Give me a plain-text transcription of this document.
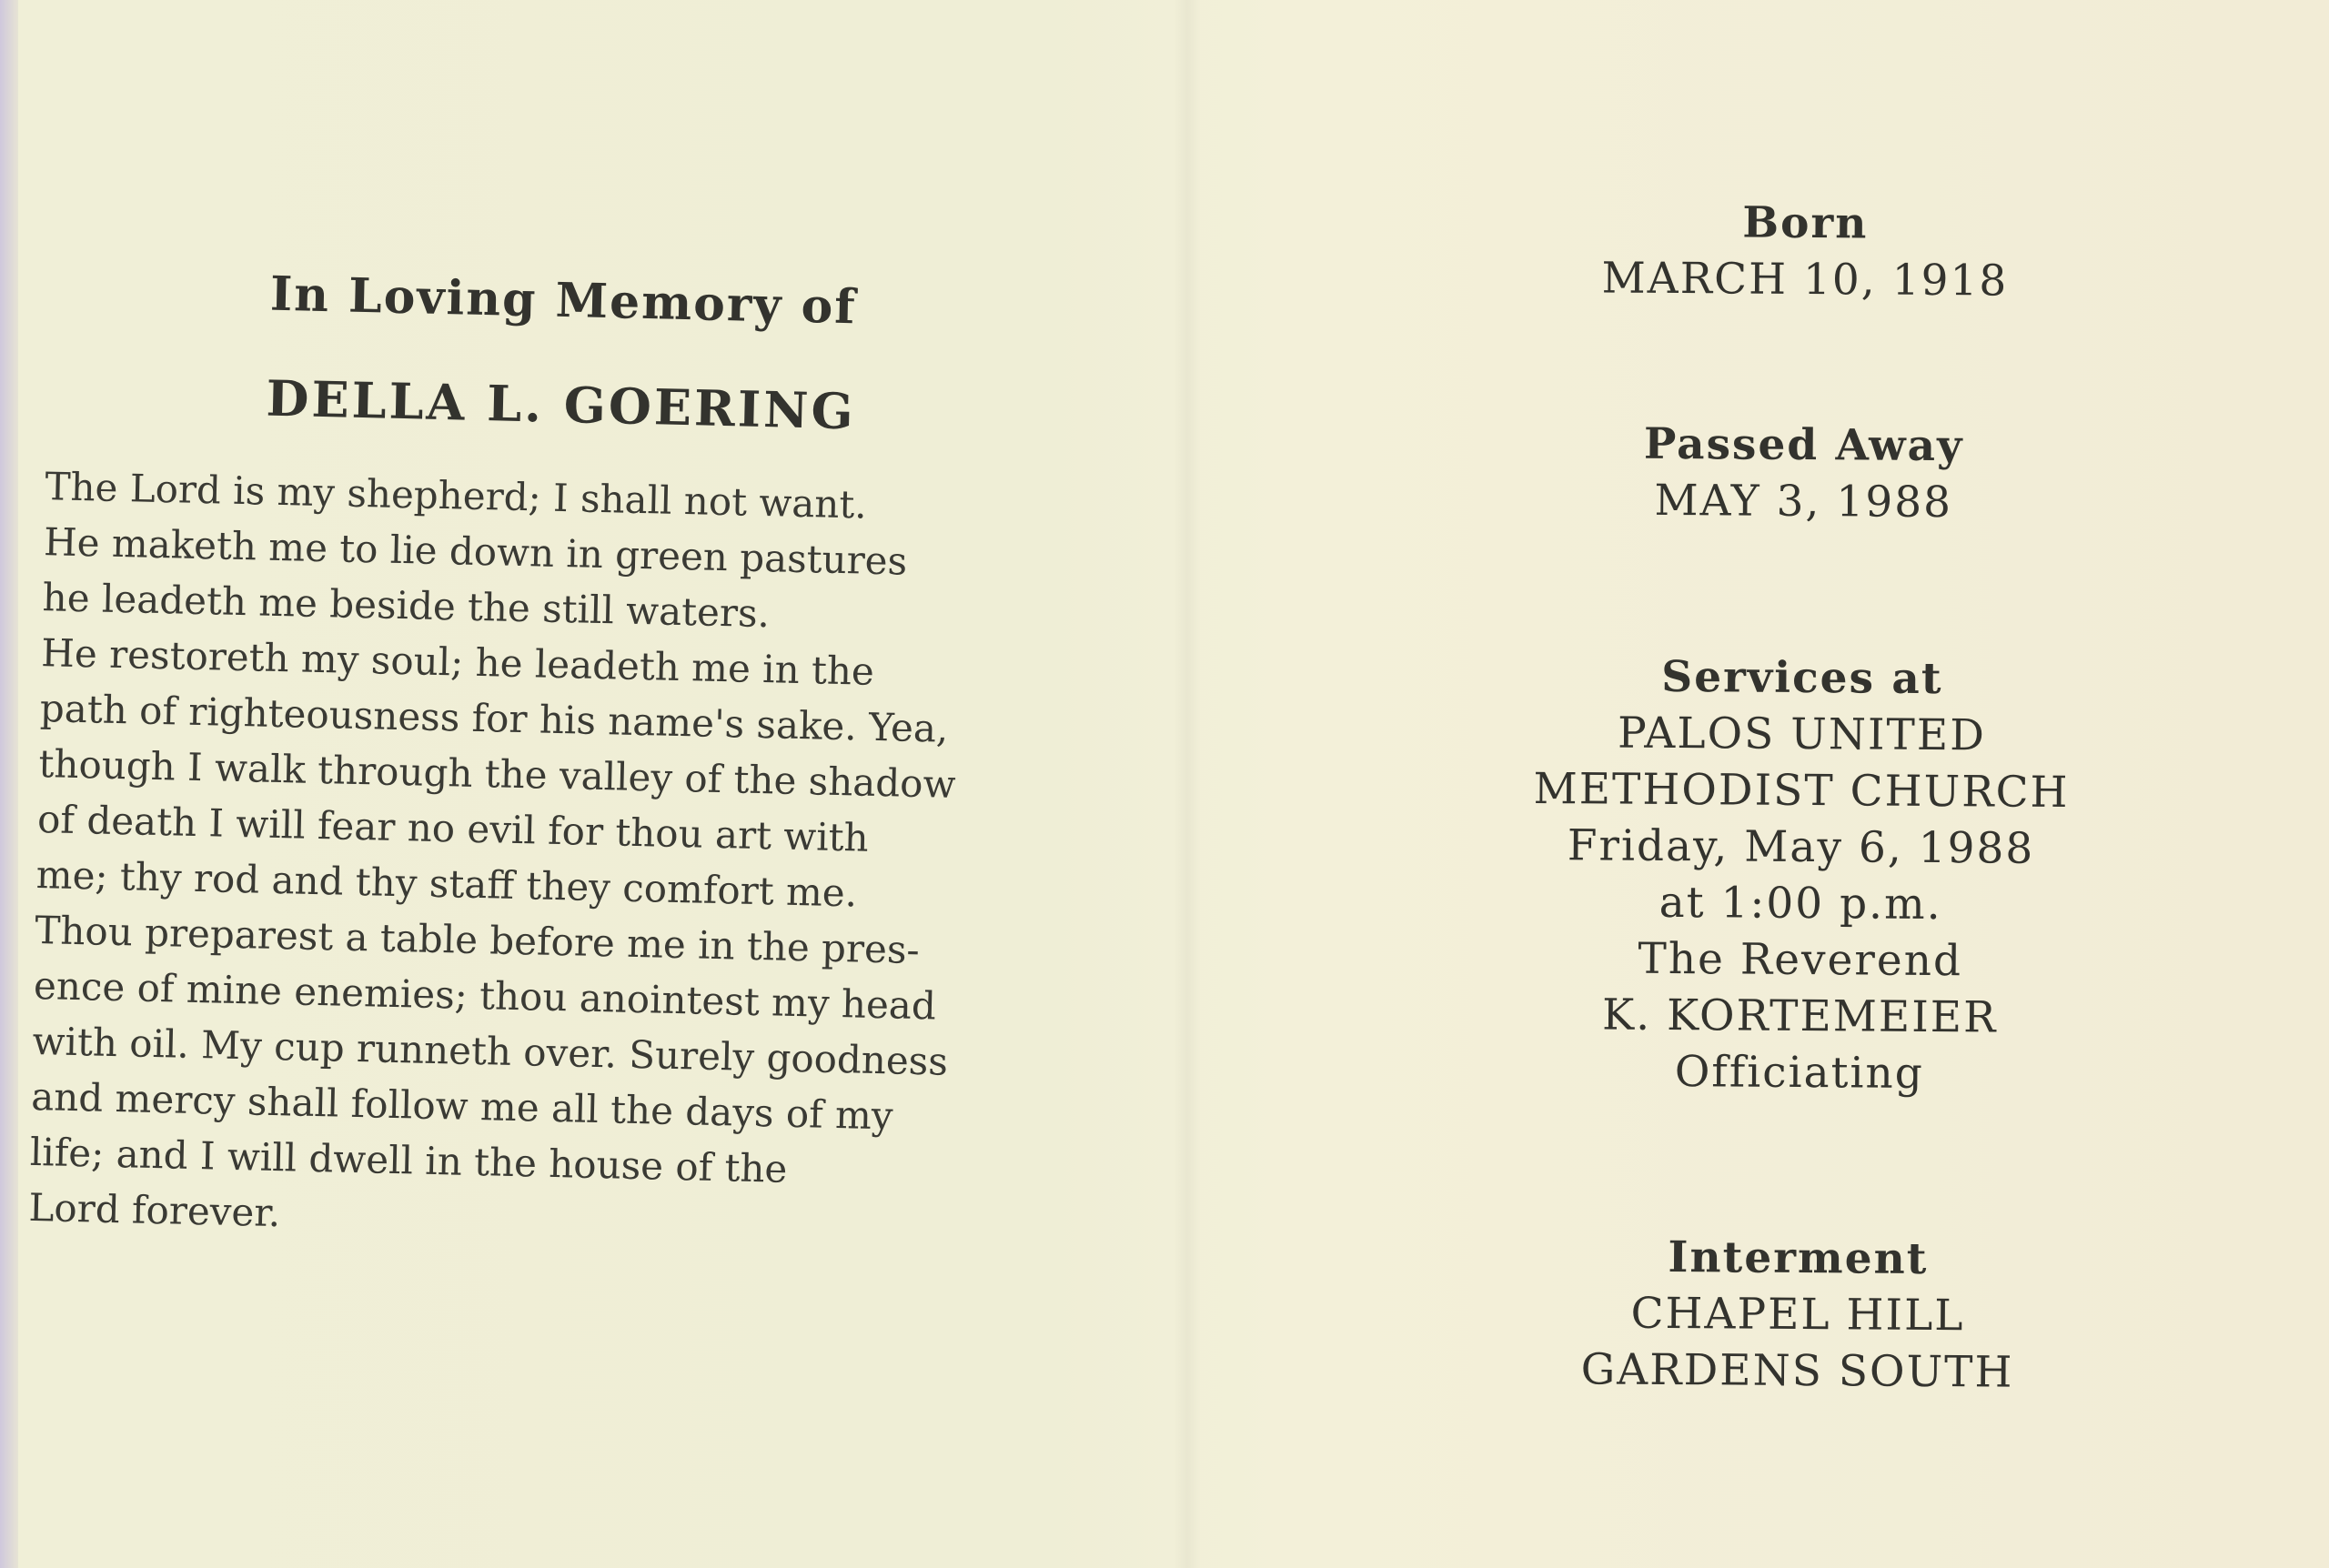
In Loving Memory of
DELLA L. GOERING
The Lord is my shepherd; I shall not want.
He maketh me to lie down in green pastures
he leadeth me beside the still waters.
He restoreth my soul; he leadeth me in the
path of righteousness for his name's sake. Yea,
though I walk through the valley of the shadow
of death I will fear no evil for thou art with
me; thy rod and thy staff they comfort me.
Thou preparest a table before me in the pres-
ence of mine enemies; thou anointest my head
with oil. My cup runneth over. Surely goodness
and mercy shall follow me all the days of my
life; and I will dwell in the house of the
Lord forever.
Born
MARCH 10, 1918
Passed Away
MAY 3, 1988
Services at
PALOS UNITED
METHODIST CHURCH
Friday, May 6, 1988
at 1:00 p.m.
The Reverend
K. KORTEMEIER
Officiating
Interment
CHAPEL HILL
GARDENS SOUTH
